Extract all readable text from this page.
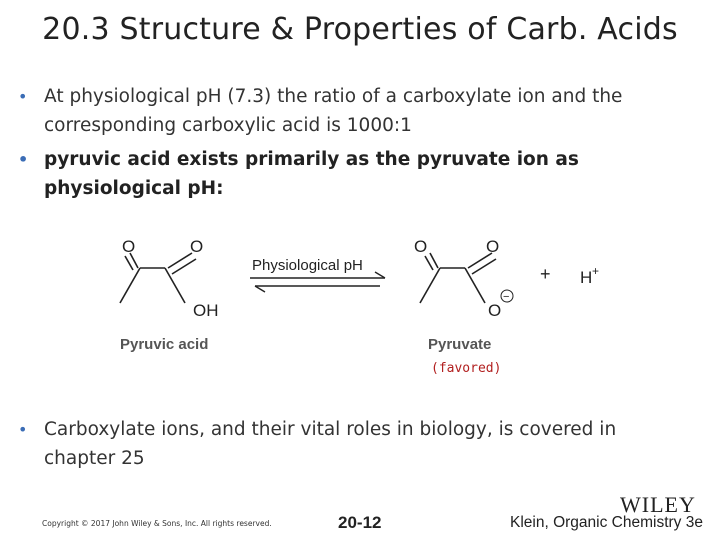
20.3 Structure & Properties of Carb. Acids
• At physiological pH (7.3) the ratio of a carboxylate ion and the corresponding carboxylic acid is 1000:1
• pyruvic acid exists primarily as the pyruvate ion as physiological pH:
O	O
OH
Pyruvic acid
Physiological pH
O	O
O
−
Pyruvate
+ H +
(favored)
• Carboxylate ions, and their vital roles in biology, is covered in chapter 25
Copyright © 2017 John Wiley & Sons, Inc. All rights reserved.	20-12
WILEY
Klein, Organic Chemistry 3e
